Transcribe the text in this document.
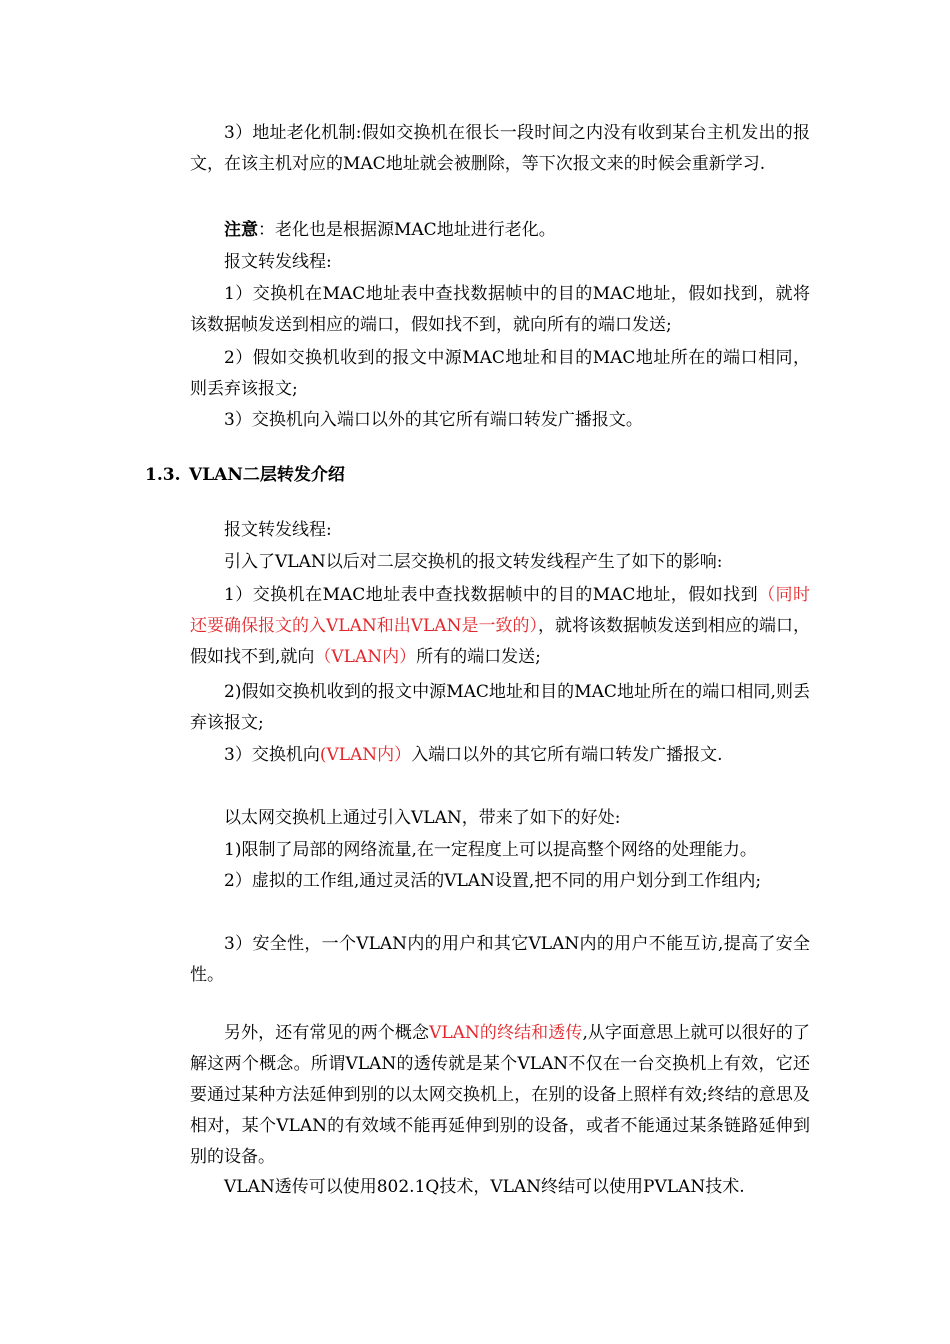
3）地址老化机制:假如交换机在很长一段时间之内没有收到某台主机发出的报文，在该主机对应的MAC地址就会被删除，等下次报文来的时候会重新学习.

注意：老化也是根据源MAC地址进行老化。

报文转发线程:

1）交换机在MAC地址表中查找数据帧中的目的MAC地址，假如找到，就将该数据帧发送到相应的端口，假如找不到，就向所有的端口发送;

2）假如交换机收到的报文中源MAC地址和目的MAC地址所在的端口相同，则丢弃该报文;

3）交换机向入端口以外的其它所有端口转发广播报文。

1.3. VLAN二层转发介绍

报文转发线程:

引入了VLAN以后对二层交换机的报文转发线程产生了如下的影响:

1）交换机在MAC地址表中查找数据帧中的目的MAC地址，假如找到（同时还要确保报文的入VLAN和出VLAN是一致的），就将该数据帧发送到相应的端口，假如找不到,就向（VLAN内）所有的端口发送;

2)假如交换机收到的报文中源MAC地址和目的MAC地址所在的端口相同,则丢弃该报文;

3）交换机向(VLAN内）入端口以外的其它所有端口转发广播报文.

以太网交换机上通过引入VLAN，带来了如下的好处:

1)限制了局部的网络流量,在一定程度上可以提高整个网络的处理能力。

2）虚拟的工作组,通过灵活的VLAN设置,把不同的用户划分到工作组内;

3）安全性，一个VLAN内的用户和其它VLAN内的用户不能互访,提高了安全性。

另外，还有常见的两个概念VLAN的终结和透传,从字面意思上就可以很好的了解这两个概念。所谓VLAN的透传就是某个VLAN不仅在一台交换机上有效，它还要通过某种方法延伸到别的以太网交换机上，在别的设备上照样有效;终结的意思及相对，某个VLAN的有效域不能再延伸到别的设备，或者不能通过某条链路延伸到别的设备。

VLAN透传可以使用802.1Q技术，VLAN终结可以使用PVLAN技术.
